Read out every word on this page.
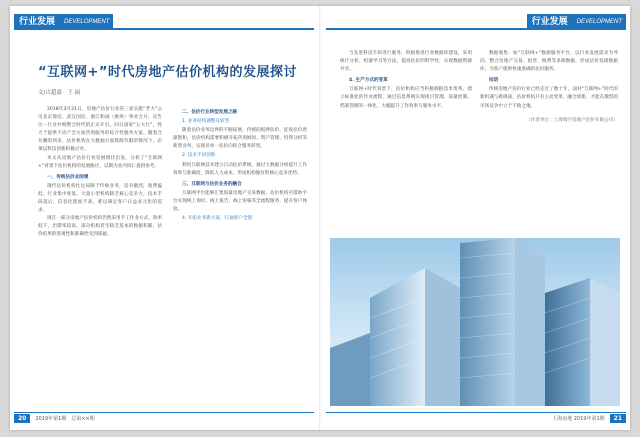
行业发展	DEVELOPMENT	行业发展	DEVELOPMENT
“互联网+”时代房地产估价机构的发展探讨
文/古超嘉　王 硕

2018年3月21日，房地产估价行业的三家实施“老大”公司北京鼎信、武汉国信、浙江和诚（惠州）事业合并，宣告这一行业并购整合时代的正式开启。同日国家“五大行”，致力于提供不动产全方面咨询服务的综合性服务方案。随着合并潮的到来，估价机构在大数据方面资源有限的情况下，必须以科技创新积极应对。

本文从房地产估价行业发展现状出发，分析了“互联网+”背景下估价机构的发展路径，以期为业内同仁提供参考。

一、传统估价业困境

现代估价机构往往局限于传统业务，竞争激烈，收费偏低，行业集中度低。大量小型机构缺乏核心竞争力，技术手段落后，信息化程度不高，难以满足客户日益多元化的需求。

现在一部分房地产估价机构仍然采用手工作业方式，效率低下，出错率较高，部分机构甚至缺乏基本的数据积累，估价结果的客观性和准确性受到质疑。

二、估价行业转型发展之路

1. 业务结构调整及转型

随着估价业务边界的不断拓展，传统的抵押估价、征收估价逐渐饱和，估价机构需要积极开拓咨询顾问、资产管理、投资分析等新型业务，实现从单一估价向综合服务转型。

2. 技术手段创新

利用互联网技术建立自动估价系统，通过大数据分析提升工作效率与准确度，降低人力成本，形成机构独有的核心竞争优势。

三、互联网与估价业务的融合

互联网平台能够汇集海量房地产交易数据，估价机构可借助平台实现线上询价、线上报告、线上审核等全流程服务，提升客户体验。

4. 开拓业务新方案，打通客户全链

与先进科技手段进行服务，积极推进行业数据库建设，采用统计分析、机器学习等方法，提高估价的科学性，实现数据资源共享。

4. 生产方式的变革

互联网+时代背景下，估价机构应当积极拥抱技术变革，建立标准化的作业流程，通过信息系统实现项目管理、质量控制、档案管理的一体化，大幅提升工作效率与服务水平。

数据收集：如“互联网+”数据服务平台，以行业发展需求为导向，整合房地产交易、租赁、税费等多源数据，形成估价基础数据库，为客户提供快速准确的估价服务。

结语

传统房地产估价行业已经走过了数十年，面对“互联网+”时代的新机遇与新挑战，估价机构只有主动变革，融合创新，才能在激烈的市场竞争中立于不败之地。

（作者单位：上海瑞宇房地产估价有限公司）

20	2019年第1期　总第××期	上海房地 2019年第1期	21
